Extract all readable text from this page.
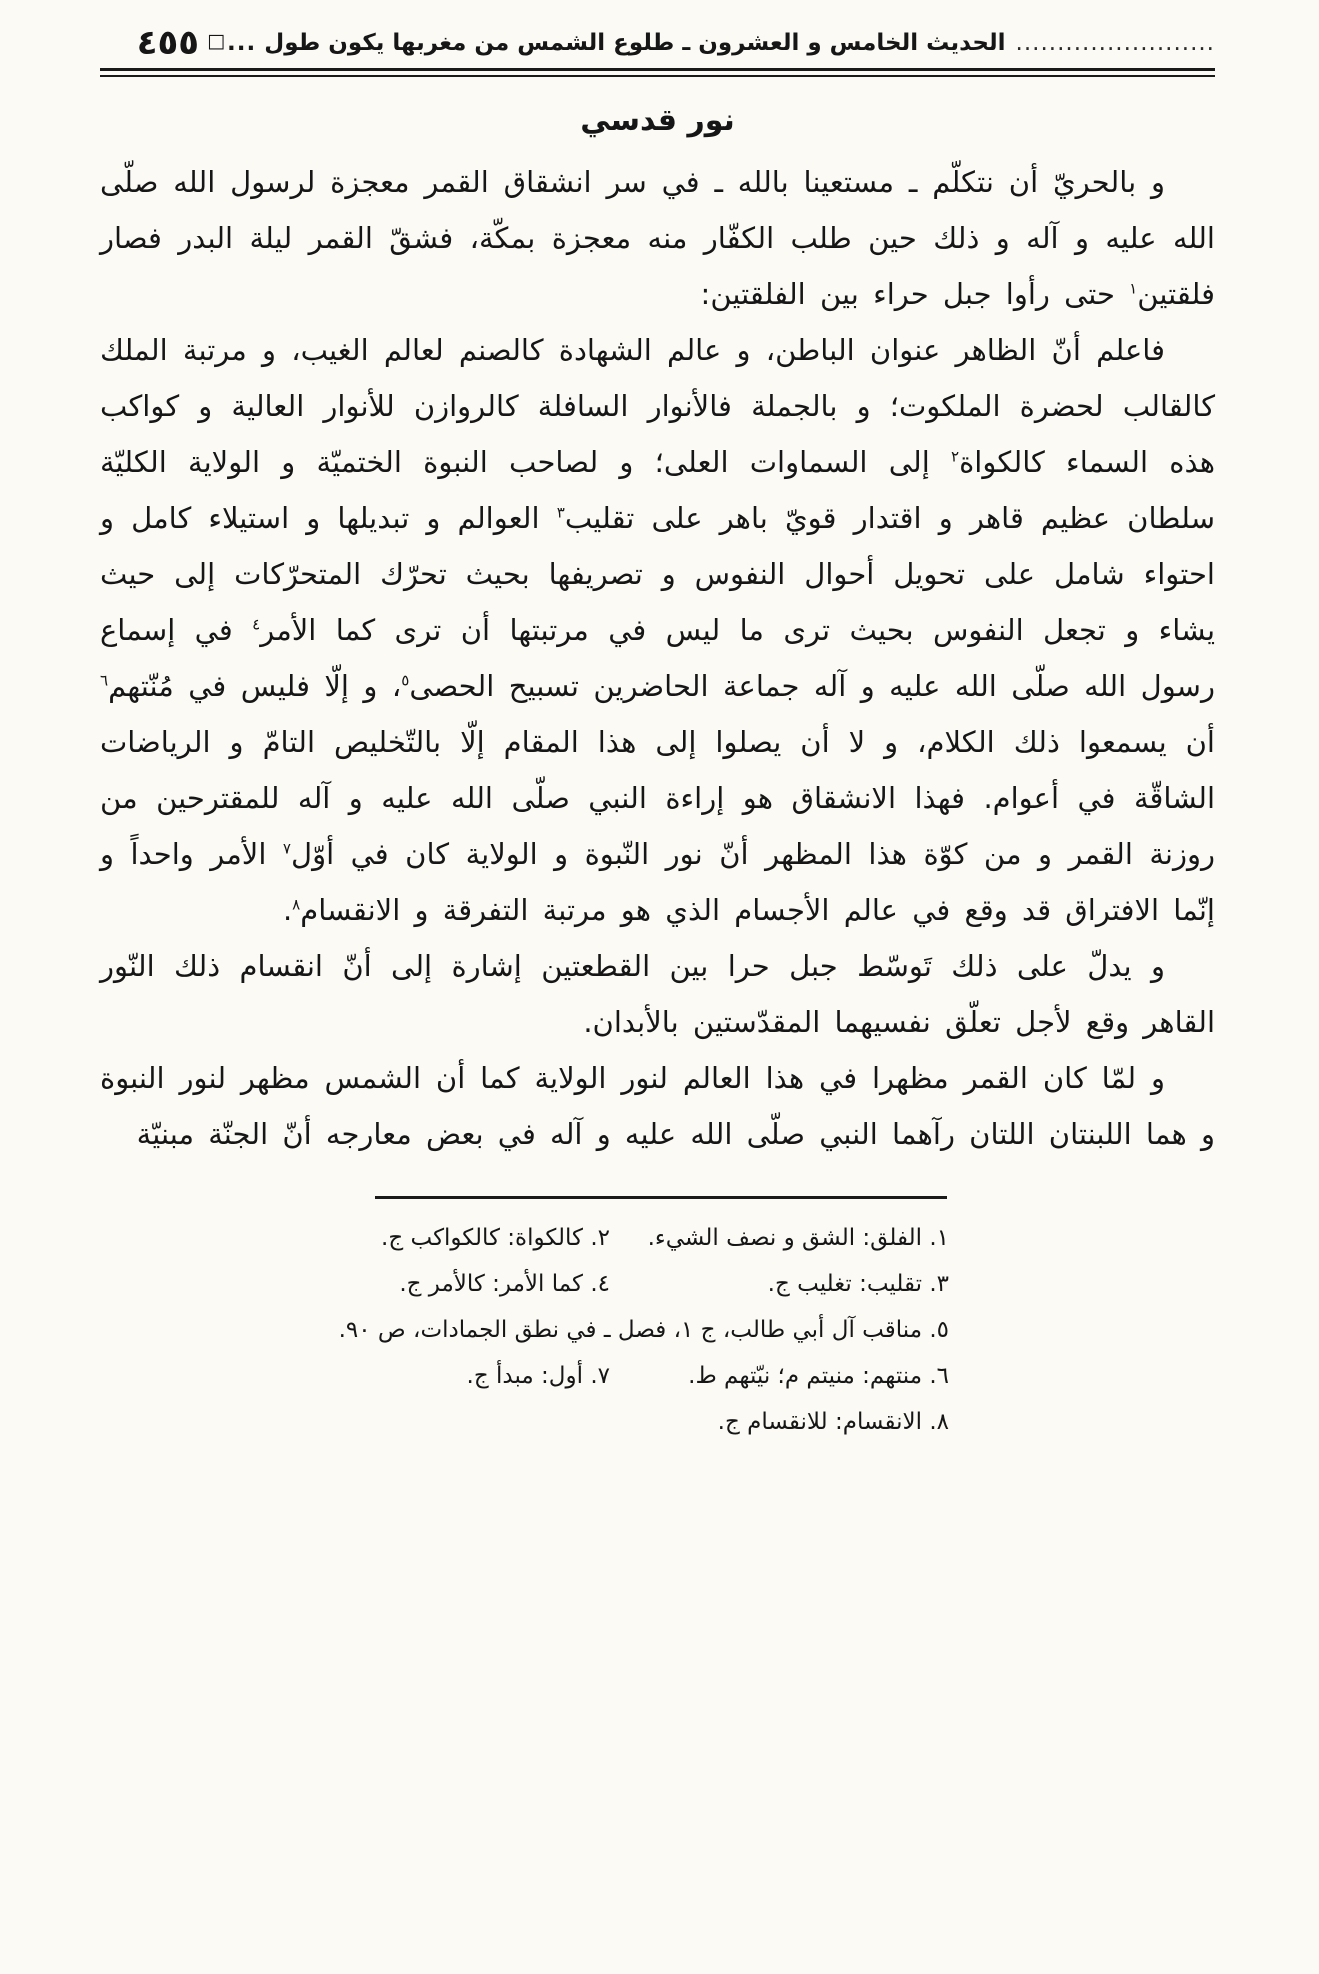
........................
الحديث الخامس و العشرون ـ طلوع الشمس من مغربها يكون طول
...
□
٤٥٥
نور قدسي

و بالحريّ أن نتكلّم ـ مستعينا بالله ـ في سر انشقاق القمر معجزة لرسول الله صلّى الله عليه و آله و ذلك حين طلب الكفّار منه معجزة بمكّة، فشقّ القمر ليلة البدر فصار فلقتين$^١$ حتى رأوا جبل حراء بين الفلقتين:

فاعلم أنّ الظاهر عنوان الباطن، و عالم الشهادة كالصنم لعالم الغيب، و مرتبة الملك كالقالب لحضرة الملكوت؛ و بالجملة فالأنوار السافلة كالروازن للأنوار العالية و كواكب هذه السماء كالكواة$^٢$ إلى السماوات العلى؛ و لصاحب النبوة الختميّة و الولاية الكليّة سلطان عظيم قاهر و اقتدار قويّ باهر على تقليب$^٣$ العوالم و تبديلها و استيلاء كامل و احتواء شامل على تحويل أحوال النفوس و تصريفها بحيث تحرّك المتحرّكات إلى حيث يشاء و تجعل النفوس بحيث ترى ما ليس في مرتبتها أن ترى كما الأمر$^٤$ في إسماع رسول الله صلّى الله عليه و آله جماعة الحاضرين تسبيح الحصى$^٥$، و إلّا فليس في مُنّتهم$^٦$ أن يسمعوا ذلك الكلام، و لا أن يصلوا إلى هذا المقام إلّا بالتّخليص التامّ و الرياضات الشاقّة في أعوام. فهذا الانشقاق هو إراءة النبي صلّى الله عليه و آله للمقترحين من روزنة القمر و من كوّة هذا المظهر أنّ نور النّبوة و الولاية كان في أوّل$^٧$ الأمر واحداً و إنّما الافتراق قد وقع في عالم الأجسام الذي هو مرتبة التفرقة و الانقسام$^٨$.

و يدلّ على ذلك تَوسّط جبل حرا بين القطعتين إشارة إلى أنّ انقسام ذلك النّور القاهر وقع لأجل تعلّق نفسيهما المقدّستين بالأبدان.

و لمّا كان القمر مظهرا في هذا العالم لنور الولاية كما أن الشمس مظهر لنور النبوة و هما اللبنتان اللتان رآهما النبي صلّى الله عليه و آله في بعض معارجه أنّ الجنّة مبنيّة

١. الفلق: الشق و نصف الشيء.
٢. كالكواة: كالكواكب ج.
٣. تقليب: تغليب ج.
٤. كما الأمر: كالأمر ج.
٥. مناقب آل أبي طالب، ج ١، فصل ـ في نطق الجمادات، ص ٩٠.
٦. منتهم: منيتم م؛ نيّتهم ط.
٧. أول: مبدأ ج.
٨. الانقسام: للانقسام ج.
